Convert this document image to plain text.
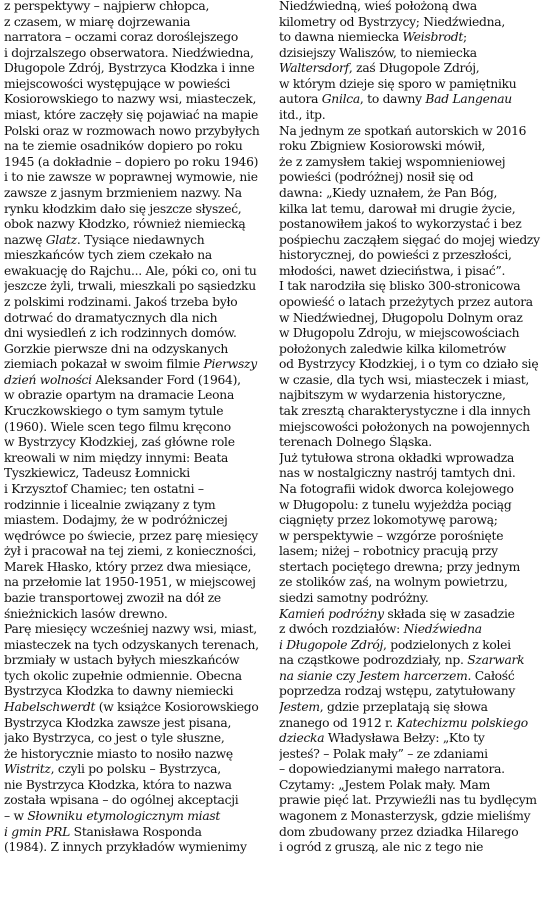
z perspektywy – najpierw chłopca,
z czasem, w miarę dojrzewania
narratora – oczami coraz doroślejszego
i dojrzalszego obserwatora. Niedźwiedna,
Długopole Zdrój, Bystrzyca Kłodzka i inne
miejscowości występujące w powieści
Kosiorowskiego to nazwy wsi, miasteczek,
miast, które zaczęły się pojawiać na mapie
Polski oraz w rozmowach nowo przybyłych
na te ziemie osadników dopiero po roku
1945 (a dokładnie – dopiero po roku 1946)
i to nie zawsze w poprawnej wymowie, nie
zawsze z jasnym brzmieniem nazwy. Na
rynku kłodzkim dało się jeszcze słyszeć,
obok nazwy Kłodzko, również niemiecką
nazwę Glatz. Tysiące niedawnych
mieszkańców tych ziem czekało na
ewakuację do Rajchu... Ale, póki co, oni tu
jeszcze żyli, trwali, mieszkali po sąsiedzku
z polskimi rodzinami. Jakoś trzeba było
dotrwać do dramatycznych dla nich
dni wysiedleń z ich rodzinnych domów.
Gorzkie pierwsze dni na odzyskanych
ziemiach pokazał w swoim filmie Pierwszy
dzień wolności Aleksander Ford (1964),
w obrazie opartym na dramacie Leona
Kruczkowskiego o tym samym tytule
(1960). Wiele scen tego filmu kręcono
w Bystrzycy Kłodzkiej, zaś główne role
kreowali w nim między innymi: Beata
Tyszkiewicz, Tadeusz Łomnicki
i Krzysztof Chamiec; ten ostatni –
rodzinnie i licealnie związany z tym
miastem. Dodajmy, że w podróżniczej
wędrówce po świecie, przez parę miesięcy
żył i pracował na tej ziemi, z konieczności,
Marek Hłasko, który przez dwa miesiące,
na przełomie lat 1950-1951, w miejscowej
bazie transportowej zwoził na dół ze
śnieżnickich lasów drewno.
Parę miesięcy wcześniej nazwy wsi, miast,
miasteczek na tych odzyskanych terenach,
brzmiały w ustach byłych mieszkańców
tych okolic zupełnie odmiennie. Obecna
Bystrzyca Kłodzka to dawny niemiecki
Habelschwerdt (w książce Kosiorowskiego
Bystrzyca Kłodzka zawsze jest pisana,
jako Bystrzyca, co jest o tyle słuszne,
że historycznie miasto to nosiło nazwę
Wistritz, czyli po polsku – Bystrzyca,
nie Bystrzyca Kłodzka, która to nazwa
została wpisana – do ogólnej akceptacji
– w Słowniku etymologicznym miast
i gmin PRL Stanisława Rosponda
(1984). Z innych przykładów wymienimy
Niedźwiedną, wieś położoną dwa
kilometry od Bystrzycy; Niedźwiedna,
to dawna niemiecka Weisbrodt;
dzisiejszy Waliszów, to niemiecka
Waltersdorf, zaś Długopole Zdrój,
w którym dzieje się sporo w pamiętniku
autora Gnilca, to dawny Bad Langenau
itd., itp.
Na jednym ze spotkań autorskich w 2016
roku Zbigniew Kosiorowski mówił,
że z zamysłem takiej wspomnieniowej
powieści (podróżnej) nosił się od
dawna: „Kiedy uznałem, że Pan Bóg,
kilka lat temu, darował mi drugie życie,
postanowiłem jakoś to wykorzystać i bez
pośpiechu zacząłem sięgać do mojej wiedzy
historycznej, do powieści z przeszłości,
młodości, nawet dzieciństwa, i pisać”.
I tak narodziła się blisko 300-stronicowa
opowieść o latach przeżytych przez autora
w Niedźwiednej, Długopolu Dolnym oraz
w Długopolu Zdroju, w miejscowościach
położonych zaledwie kilka kilometrów
od Bystrzycy Kłodzkiej, i o tym co działo się
w czasie, dla tych wsi, miasteczek i miast,
najbitszym w wydarzenia historyczne,
tak zresztą charakterystyczne i dla innych
miejscowości położonych na powojennych
terenach Dolnego Śląska.
Już tytułowa strona okładki wprowadza
nas w nostalgiczny nastrój tamtych dni.
Na fotografii widok dworca kolejowego
w Długopolu: z tunelu wyjeżdża pociąg
ciągnięty przez lokomotywę parową;
w perspektywie – wzgórze porośnięte
lasem; niżej – robotnicy pracują przy
stertach pociętego drewna; przy jednym
ze stolików zaś, na wolnym powietrzu,
siedzi samotny podróżny.
Kamień podróżny składa się w zasadzie
z dwóch rozdziałów: Niedźwiedna
i Długopole Zdrój, podzielonych z kolei
na cząstkowe podrozdziały, np. Szarwark
na sianie czy Jestem harcerzem. Całość
poprzedza rodzaj wstępu, zatytułowany
Jestem, gdzie przeplatają się słowa
znanego od 1912 r. Katechizmu polskiego
dziecka Władysława Bełzy: „Kto ty
jesteś? – Polak mały” – ze zdaniami
– dopowiedzianymi małego narratora.
Czytamy: „Jestem Polak mały. Mam
prawie pięć lat. Przywieźli nas tu bydlęcym
wagonem z Monasterzysk, gdzie mieliśmy
dom zbudowany przez dziadka Hilarego
i ogród z gruszą, ale nic z tego nie
